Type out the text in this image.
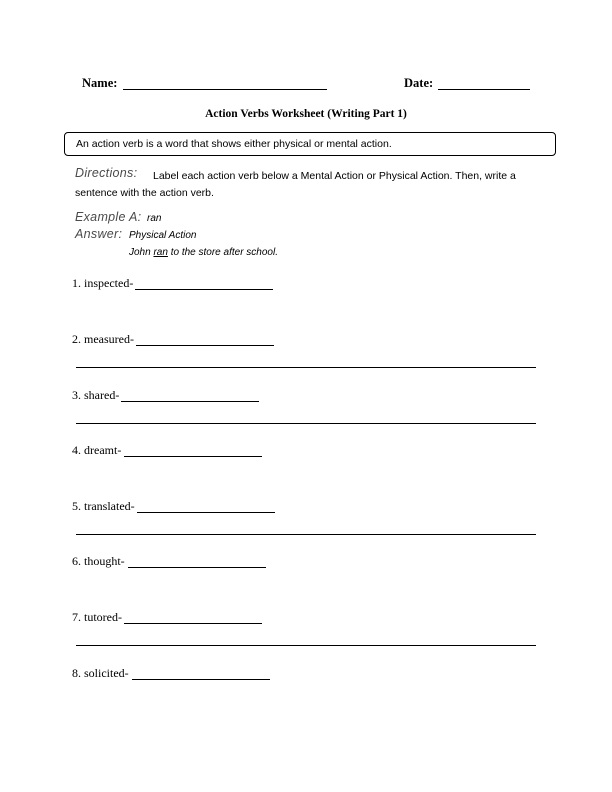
Name:	Date:
Action Verbs Worksheet (Writing Part 1)
An action verb is a word that shows either physical or mental action.
Directions: Label each action verb below a Mental Action or Physical Action. Then, write a
sentence with the action verb.
Example A: ran
Answer: Physical Action
John ran to the store after school.
1. inspected-
2. measured-
3. shared-
4. dreamt-
5. translated-
6. thought-
7. tutored-
8. solicited-
